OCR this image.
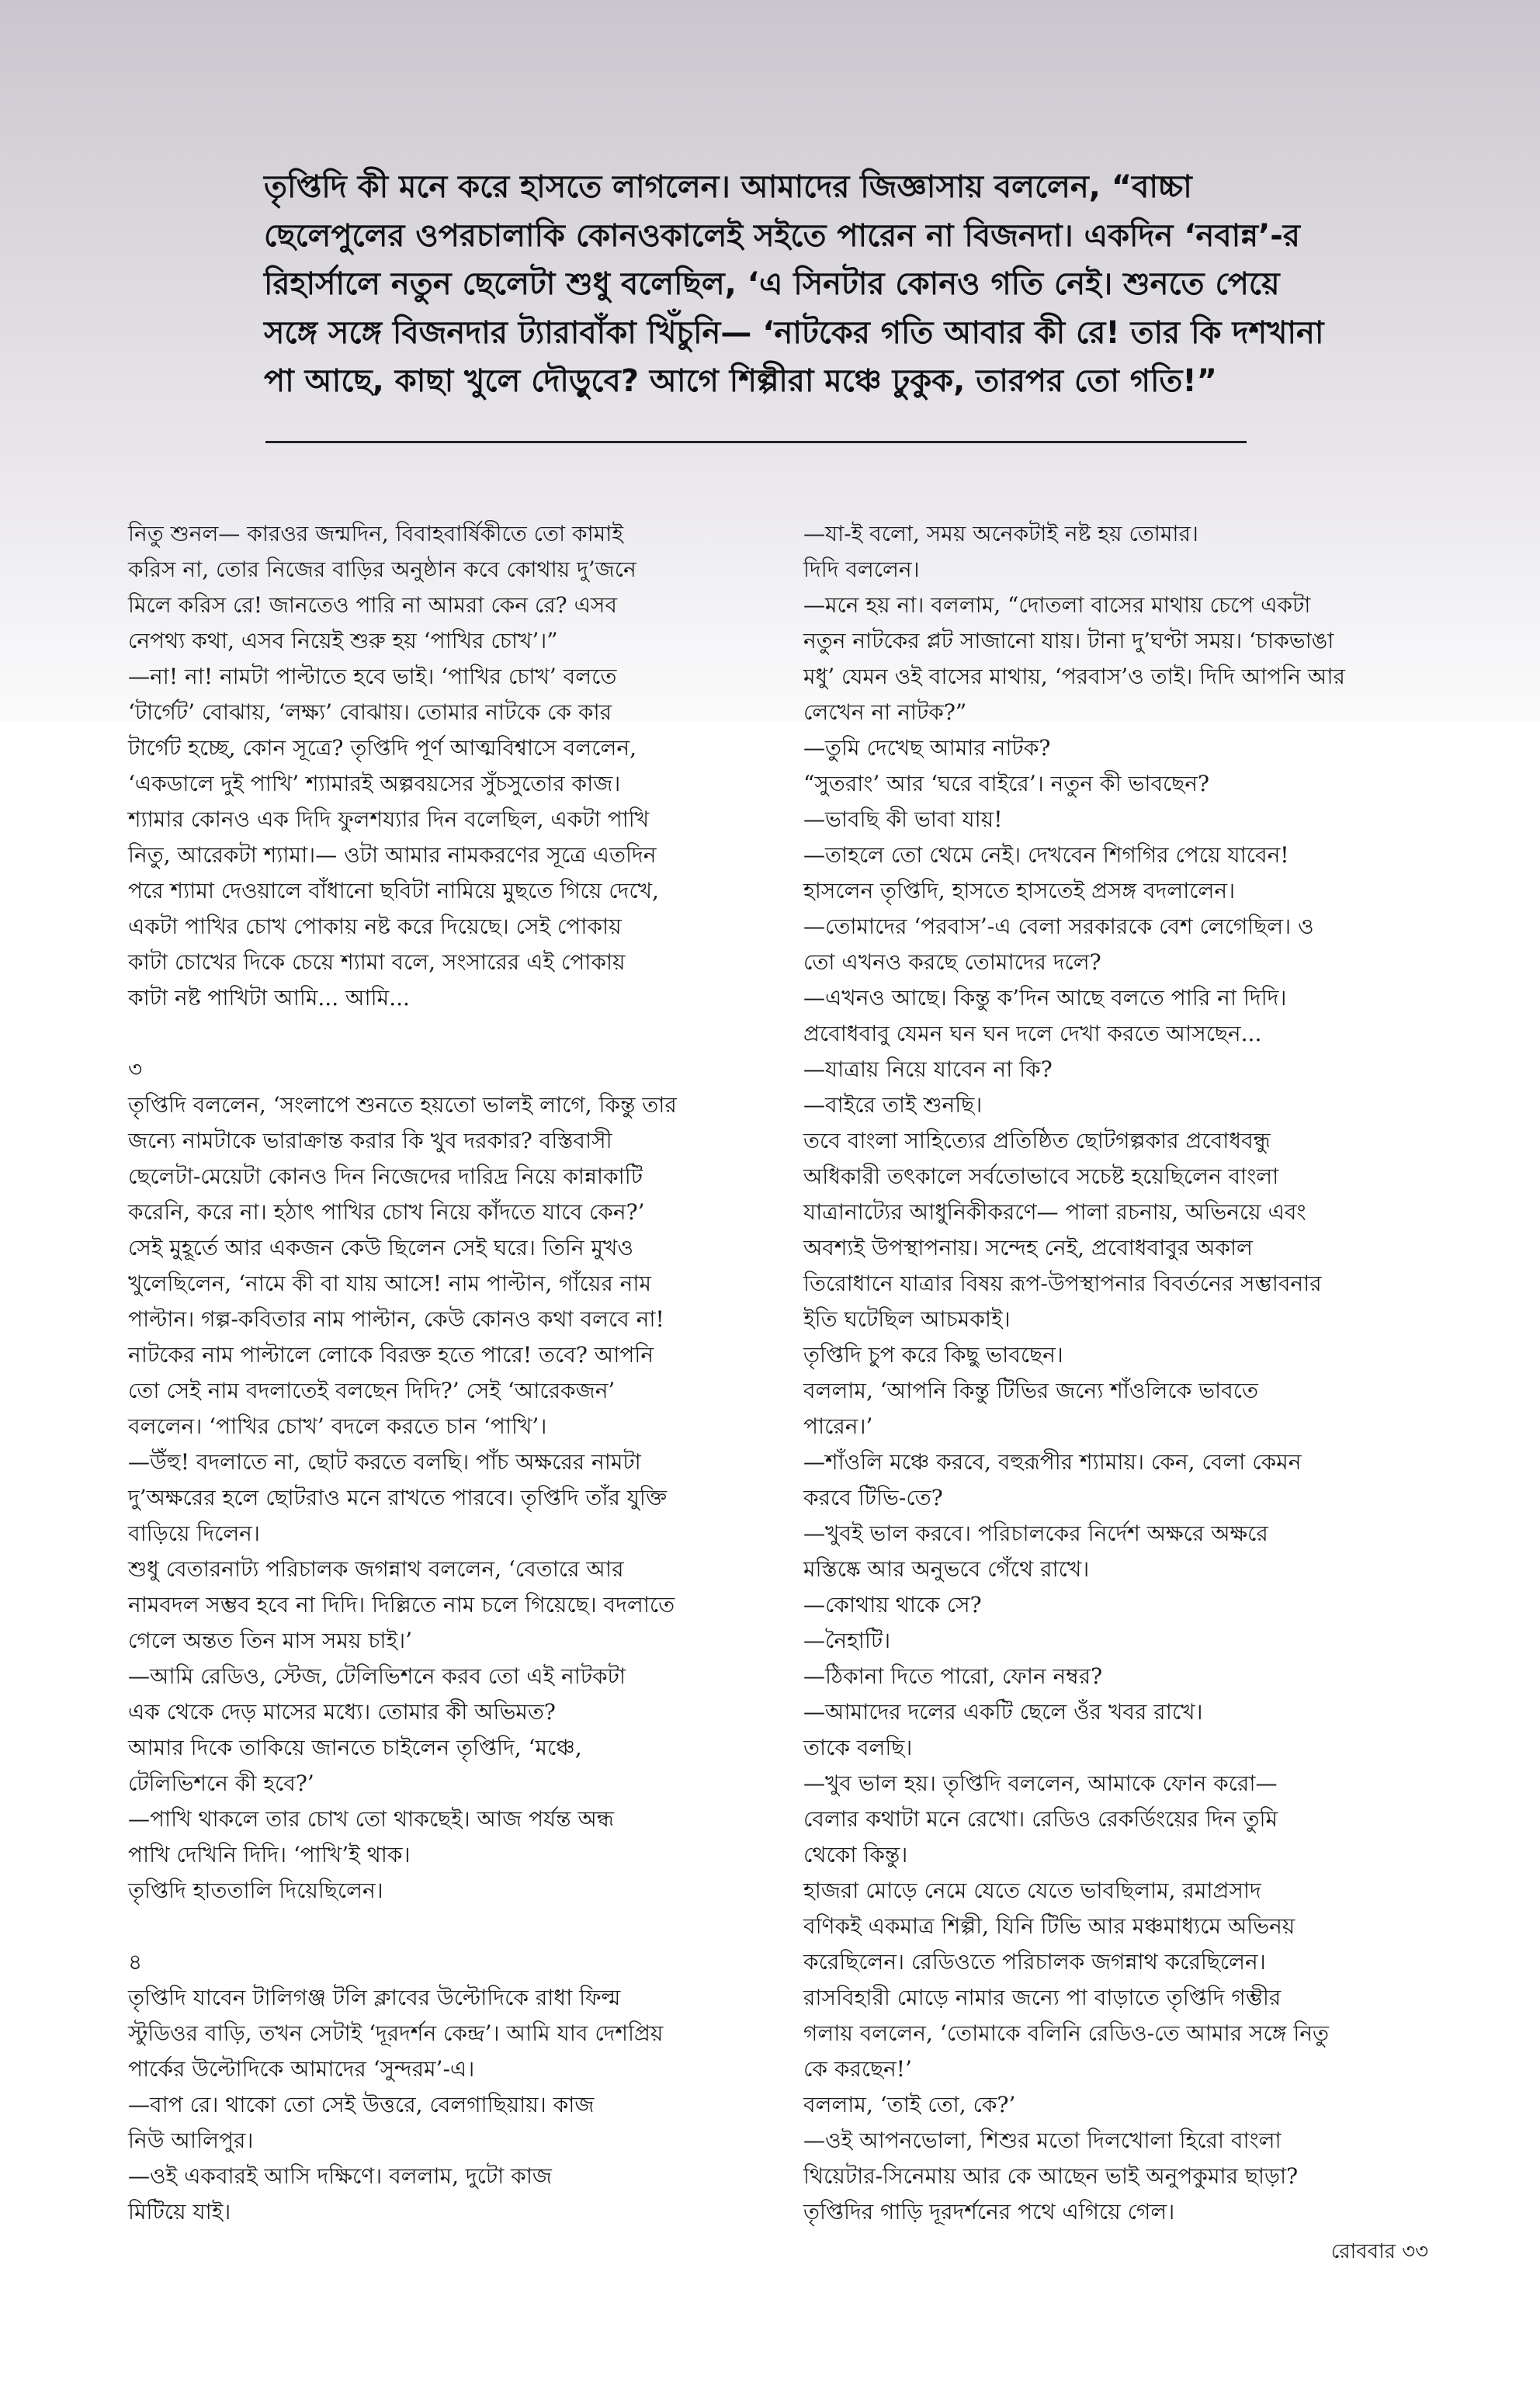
তৃপ্তিদি কী মনে করে হাসতে লাগলেন। আমাদের জিজ্ঞাসায় বললেন, “বাচ্চা
ছেলেপুলের ওপরচালাকি কোনওকালেই সইতে পারেন না বিজনদা। একদিন ‘নবান্ন’-র
রিহার্সালে নতুন ছেলেটা শুধু বলেছিল, ‘এ সিনটার কোনও গতি নেই। শুনতে পেয়ে
সঙ্গে সঙ্গে বিজনদার ট্যারাবাঁকা খিঁচুনি— ‘নাটকের গতি আবার কী রে! তার কি দশখানা
পা আছে, কাছা খুলে দৌড়ুবে? আগে শিল্পীরা মঞ্চে ঢুকুক, তারপর তো গতি!”
নিতু শুনল— কারওর জন্মদিন, বিবাহবার্ষিকীতে তো কামাই
করিস না, তোর নিজের বাড়ির অনুষ্ঠান কবে কোথায় দু’জনে
মিলে করিস রে! জানতেও পারি না আমরা কেন রে? এসব
নেপথ্য কথা, এসব নিয়েই শুরু হয় ‘পাখির চোখ’।”
—না! না! নামটা পাল্টাতে হবে ভাই। ‘পাখির চোখ’ বলতে
‘টার্গেট’ বোঝায়, ‘লক্ষ্য’ বোঝায়। তোমার নাটকে কে কার
টার্গেট হচ্ছে, কোন সূত্রে? তৃপ্তিদি পূর্ণ আত্মবিশ্বাসে বললেন,
‘একডালে দুই পাখি’ শ্যামারই অল্পবয়সের সুঁচসুতোর কাজ।
শ্যামার কোনও এক দিদি ফুলশয্যার দিন বলেছিল, একটা পাখি
নিতু, আরেকটা শ্যামা।— ওটা আমার নামকরণের সূত্রে এতদিন
পরে শ্যামা দেওয়ালে বাঁধানো ছবিটা নামিয়ে মুছতে গিয়ে দেখে,
একটা পাখির চোখ পোকায় নষ্ট করে দিয়েছে। সেই পোকায়
কাটা চোখের দিকে চেয়ে শ্যামা বলে, সংসারের এই পোকায়
কাটা নষ্ট পাখিটা আমি... আমি...
৩
তৃপ্তিদি বললেন, ‘সংলাপে শুনতে হয়তো ভালই লাগে, কিন্তু তার
জন্যে নামটাকে ভারাক্রান্ত করার কি খুব দরকার? বস্তিবাসী
ছেলেটা-মেয়েটা কোনও দিন নিজেদের দারিদ্র নিয়ে কান্নাকাটি
করেনি, করে না। হঠাৎ পাখির চোখ নিয়ে কাঁদতে যাবে কেন?’
সেই মুহূর্তে আর একজন কেউ ছিলেন সেই ঘরে। তিনি মুখও
খুলেছিলেন, ‘নামে কী বা যায় আসে! নাম পাল্টান, গাঁয়ের নাম
পাল্টান। গল্প-কবিতার নাম পাল্টান, কেউ কোনও কথা বলবে না!
নাটকের নাম পাল্টালে লোকে বিরক্ত হতে পারে! তবে? আপনি
তো সেই নাম বদলাতেই বলছেন দিদি?’ সেই ‘আরেকজন’
বললেন। ‘পাখির চোখ’ বদলে করতে চান ‘পাখি’।
—উঁহু! বদলাতে না, ছোট করতে বলছি। পাঁচ অক্ষরের নামটা
দু’অক্ষরের হলে ছোটরাও মনে রাখতে পারবে। তৃপ্তিদি তাঁর যুক্তি
বাড়িয়ে দিলেন।
শুধু বেতারনাট্য পরিচালক জগন্নাথ বললেন, ‘বেতারে আর
নামবদল সম্ভব হবে না দিদি। দিল্লিতে নাম চলে গিয়েছে। বদলাতে
গেলে অন্তত তিন মাস সময় চাই।’
—আমি রেডিও, স্টেজ, টেলিভিশনে করব তো এই নাটকটা
এক থেকে দেড় মাসের মধ্যে। তোমার কী অভিমত?
আমার দিকে তাকিয়ে জানতে চাইলেন তৃপ্তিদি, ‘মঞ্চে,
টেলিভিশনে কী হবে?’
—পাখি থাকলে তার চোখ তো থাকছেই। আজ পর্যন্ত অন্ধ
পাখি দেখিনি দিদি। ‘পাখি’ই থাক।
তৃপ্তিদি হাততালি দিয়েছিলেন।
৪
তৃপ্তিদি যাবেন টালিগঞ্জ টলি ক্লাবের উল্টোদিকে রাধা ফিল্ম
স্টুডিওর বাড়ি, তখন সেটাই ‘দূরদর্শন কেন্দ্র’। আমি যাব দেশপ্রিয়
পার্কের উল্টোদিকে আমাদের ‘সুন্দরম’-এ।
—বাপ রে। থাকো তো সেই উত্তরে, বেলগাছিয়ায়। কাজ
নিউ আলিপুর।
—ওই একবারই আসি দক্ষিণে। বললাম, দুটো কাজ
মিটিয়ে যাই।
—যা-ই বলো, সময় অনেকটাই নষ্ট হয় তোমার।
দিদি বললেন।
—মনে হয় না। বললাম, “দোতলা বাসের মাথায় চেপে একটা
নতুন নাটকের প্লট সাজানো যায়। টানা দু’ঘণ্টা সময়। ‘চাকভাঙা
মধু’ যেমন ওই বাসের মাথায়, ‘পরবাস’ও তাই। দিদি আপনি আর
লেখেন না নাটক?”
—তুমি দেখেছ আমার নাটক?
“সুতরাং’ আর ‘ঘরে বাইরে’। নতুন কী ভাবছেন?
—ভাবছি কী ভাবা যায়!
—তাহলে তো থেমে নেই। দেখবেন শিগগির পেয়ে যাবেন!
হাসলেন তৃপ্তিদি, হাসতে হাসতেই প্রসঙ্গ বদলালেন।
—তোমাদের ‘পরবাস’-এ বেলা সরকারকে বেশ লেগেছিল। ও
তো এখনও করছে তোমাদের দলে?
—এখনও আছে। কিন্তু ক’দিন আছে বলতে পারি না দিদি।
প্রবোধবাবু যেমন ঘন ঘন দলে দেখা করতে আসছেন...
—যাত্রায় নিয়ে যাবেন না কি?
—বাইরে তাই শুনছি।
তবে বাংলা সাহিত্যের প্রতিষ্ঠিত ছোটগল্পকার প্রবোধবন্ধু
অধিকারী তৎকালে সর্বতোভাবে সচেষ্ট হয়েছিলেন বাংলা
যাত্রানাট্যের আধুনিকীকরণে— পালা রচনায়, অভিনয়ে এবং
অবশ্যই উপস্থাপনায়। সন্দেহ নেই, প্রবোধবাবুর অকাল
তিরোধানে যাত্রার বিষয় রূপ-উপস্থাপনার বিবর্তনের সম্ভাবনার
ইতি ঘটেছিল আচমকাই।
তৃপ্তিদি চুপ করে কিছু ভাবছেন।
বললাম, ‘আপনি কিন্তু টিভির জন্যে শাঁওলিকে ভাবতে
পারেন।’
—শাঁওলি মঞ্চে করবে, বহুরূপীর শ্যামায়। কেন, বেলা কেমন
করবে টিভি-তে?
—খুবই ভাল করবে। পরিচালকের নির্দেশ অক্ষরে অক্ষরে
মস্তিষ্কে আর অনুভবে গেঁথে রাখে।
—কোথায় থাকে সে?
—নৈহাটি।
—ঠিকানা দিতে পারো, ফোন নম্বর?
—আমাদের দলের একটি ছেলে ওঁর খবর রাখে।
তাকে বলছি।
—খুব ভাল হয়। তৃপ্তিদি বললেন, আমাকে ফোন করো—
বেলার কথাটা মনে রেখো। রেডিও রেকর্ডিংয়ের দিন তুমি
থেকো কিন্তু।
হাজরা মোড়ে নেমে যেতে যেতে ভাবছিলাম, রমাপ্রসাদ
বণিকই একমাত্র শিল্পী, যিনি টিভি আর মঞ্চমাধ্যমে অভিনয়
করেছিলেন। রেডিওতে পরিচালক জগন্নাথ করেছিলেন।
রাসবিহারী মোড়ে নামার জন্যে পা বাড়াতে তৃপ্তিদি গম্ভীর
গলায় বললেন, ‘তোমাকে বলিনি রেডিও-তে আমার সঙ্গে নিতু
কে করছেন!’
বললাম, ‘তাই তো, কে?’
—ওই আপনভোলা, শিশুর মতো দিলখোলা হিরো বাংলা
থিয়েটার-সিনেমায় আর কে আছেন ভাই অনুপকুমার ছাড়া?
তৃপ্তিদির গাড়ি দূরদর্শনের পথে এগিয়ে গেল।
রোববার ৩৩
